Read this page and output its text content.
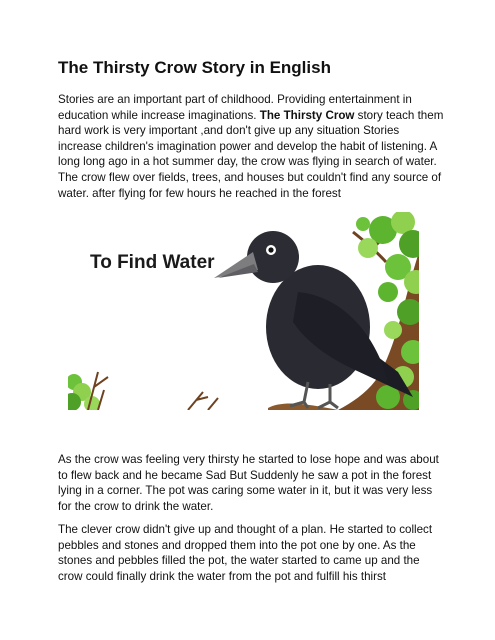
The Thirsty Crow Story in English

Stories are an important part of childhood. Providing entertainment in education while increase imaginations. The Thirsty Crow story teach them hard work is very important ,and don't give up any situation Stories increase children's imagination power and develop the habit of listening. A long long ago in a hot summer day, the crow was flying in search of water. The crow flew over fields, trees, and houses but couldn't find any source of water. after flying for few hours he reached in the forest

To Find Water

As the crow was feeling very thirsty he started to lose hope and was about to flew back and he became Sad But Suddenly he saw a pot in the forest lying in a corner. The pot was caring some water in it, but it was very less for the crow to drink the water.

The clever crow didn't give up and thought of a plan. He started to collect pebbles and stones and dropped them into the pot one by one. As the stones and pebbles filled the pot, the water started to came up and the crow could finally drink the water from the pot and fulfill his thirst
